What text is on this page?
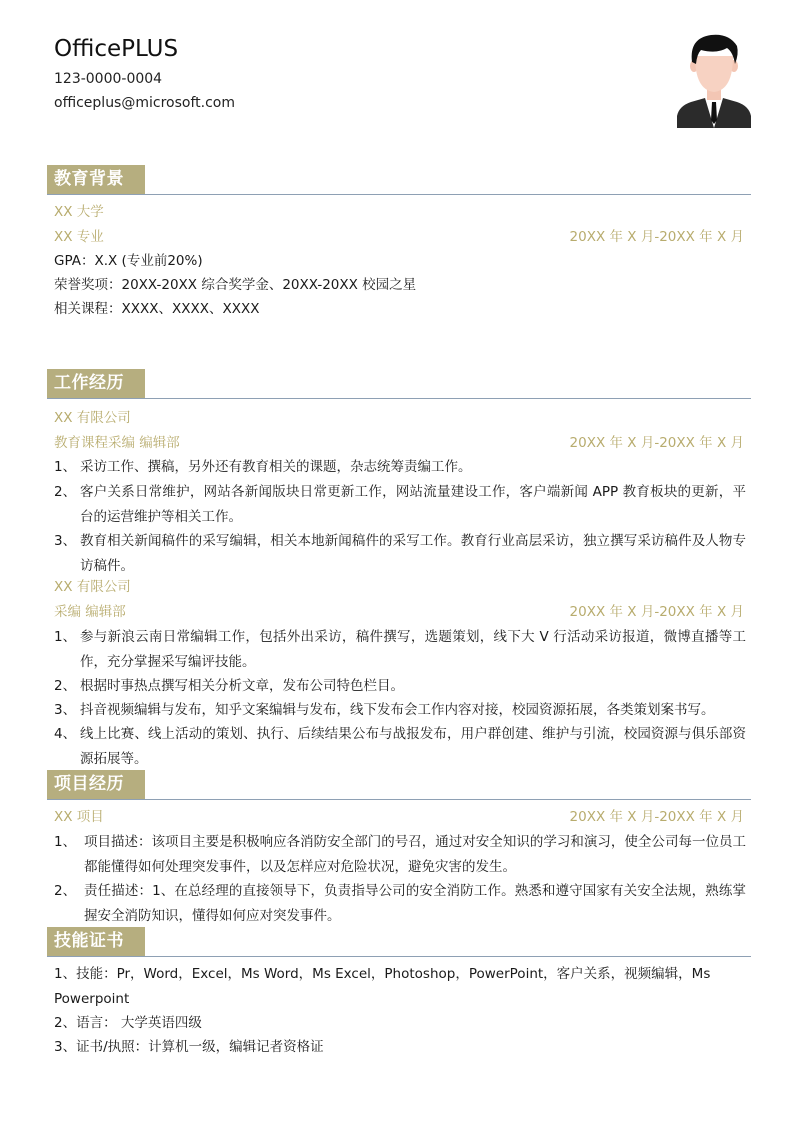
OfficePLUS
123-0000-0004
officeplus@microsoft.com
教育背景
XX 大学
XX 专业	20XX 年 X 月-20XX 年 X 月
GPA：X.X (专业前20%)
荣誉奖项：20XX-20XX 综合奖学金、20XX-20XX 校园之星
相关课程：XXXX、XXXX、XXXX
工作经历
XX 有限公司
教育课程采编 编辑部	20XX 年 X 月-20XX 年 X 月
1、 采访工作、撰稿，另外还有教育相关的课题，杂志统筹责编工作。
2、 客户关系日常维护，网站各新闻版块日常更新工作，网站流量建设工作，客户端新闻 APP 教育板块的更新，平台的运营维护等相关工作。
3、 教育相关新闻稿件的采写编辑，相关本地新闻稿件的采写工作。教育行业高层采访，独立撰写采访稿件及人物专访稿件。
XX 有限公司
采编 编辑部	20XX 年 X 月-20XX 年 X 月
1、 参与新浪云南日常编辑工作，包括外出采访，稿件撰写，选题策划，线下大 V 行活动采访报道，微博直播等工作，充分掌握采写编评技能。
2、 根据时事热点撰写相关分析文章，发布公司特色栏目。
3、 抖音视频编辑与发布，知乎文案编辑与发布，线下发布会工作内容对接，校园资源拓展，各类策划案书写。
4、 线上比赛、线上活动的策划、执行、后续结果公布与战报发布，用户群创建、维护与引流，校园资源与俱乐部资源拓展等。
项目经历
XX 项目	20XX 年 X 月-20XX 年 X 月
1、 项目描述：该项目主要是积极响应各消防安全部门的号召，通过对安全知识的学习和演习，使全公司每一位员工都能懂得如何处理突发事件，以及怎样应对危险状况，避免灾害的发生。
2、 责任描述：1、在总经理的直接领导下，负责指导公司的安全消防工作。熟悉和遵守国家有关安全法规，熟练掌握安全消防知识，懂得如何应对突发事件。
技能证书
1、技能：Pr，Word，Excel，Ms Word，Ms Excel，Photoshop，PowerPoint，客户关系，视频编辑，Ms Powerpoint
2、语言： 大学英语四级
3、证书/执照：计算机一级，编辑记者资格证
